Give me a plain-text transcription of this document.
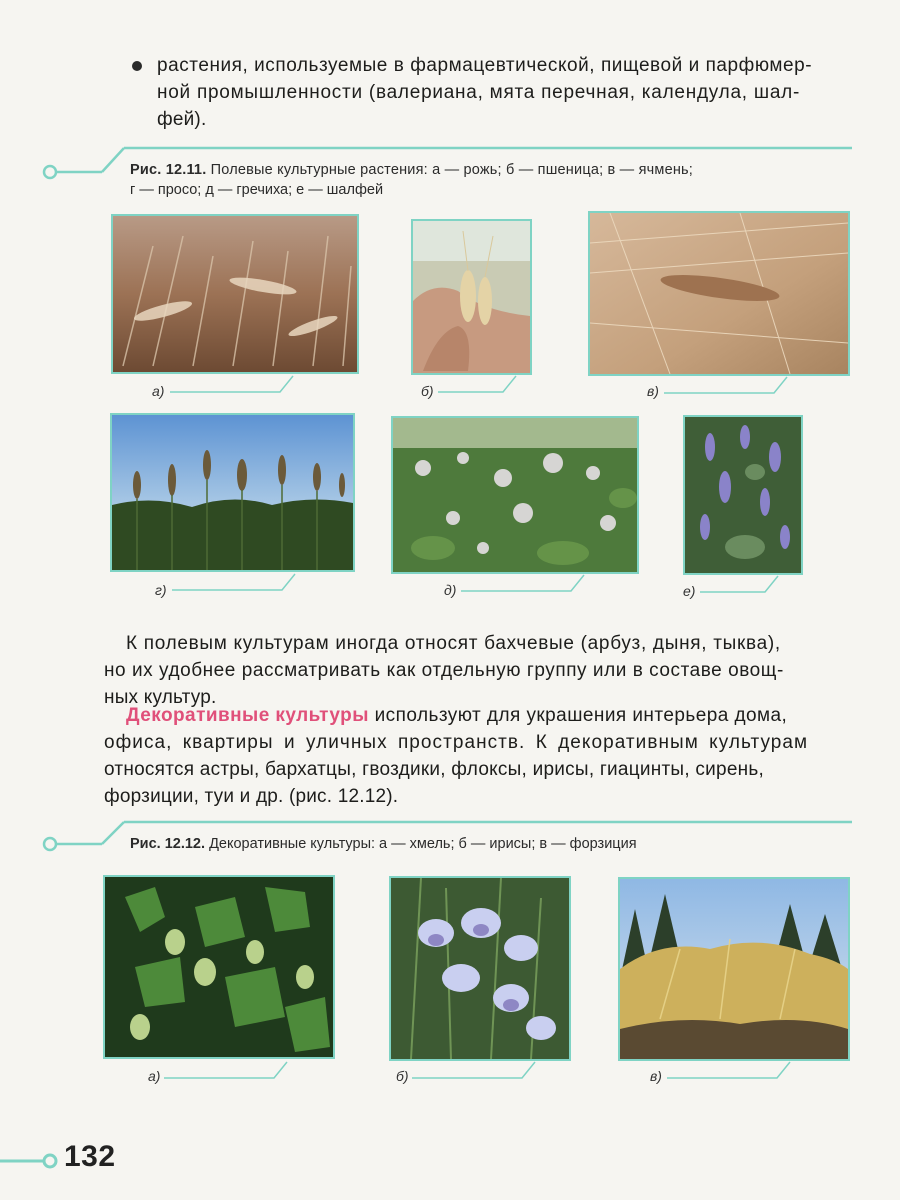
растения, используемые в фармацевтической, пищевой и парфюмер-
ной промышленности (валериана, мята перечная, календула, шал-
фей).
Рис. 12.11. Полевые культурные растения: а — рожь; б — пшеница; в — ячмень;
г — просо; д — гречиха; е — шалфей
а)	б)	в)
г)	д)	е)
К полевым культурам иногда относят бахчевые (арбуз, дыня, тыква),
но их удобнее рассматривать как отдельную группу или в составе овощ-
ных культур.
Декоративные культуры используют для украшения интерьера дома,
офиса, квартиры и уличных пространств. К декоративным культурам
относятся астры, бархатцы, гвоздики, флоксы, ирисы, гиацинты, сирень,
форзиции, туи и др. (рис. 12.12).
Рис. 12.12. Декоративные культуры: а — хмель; б — ирисы; в — форзиция
а)	б)	в)
132
